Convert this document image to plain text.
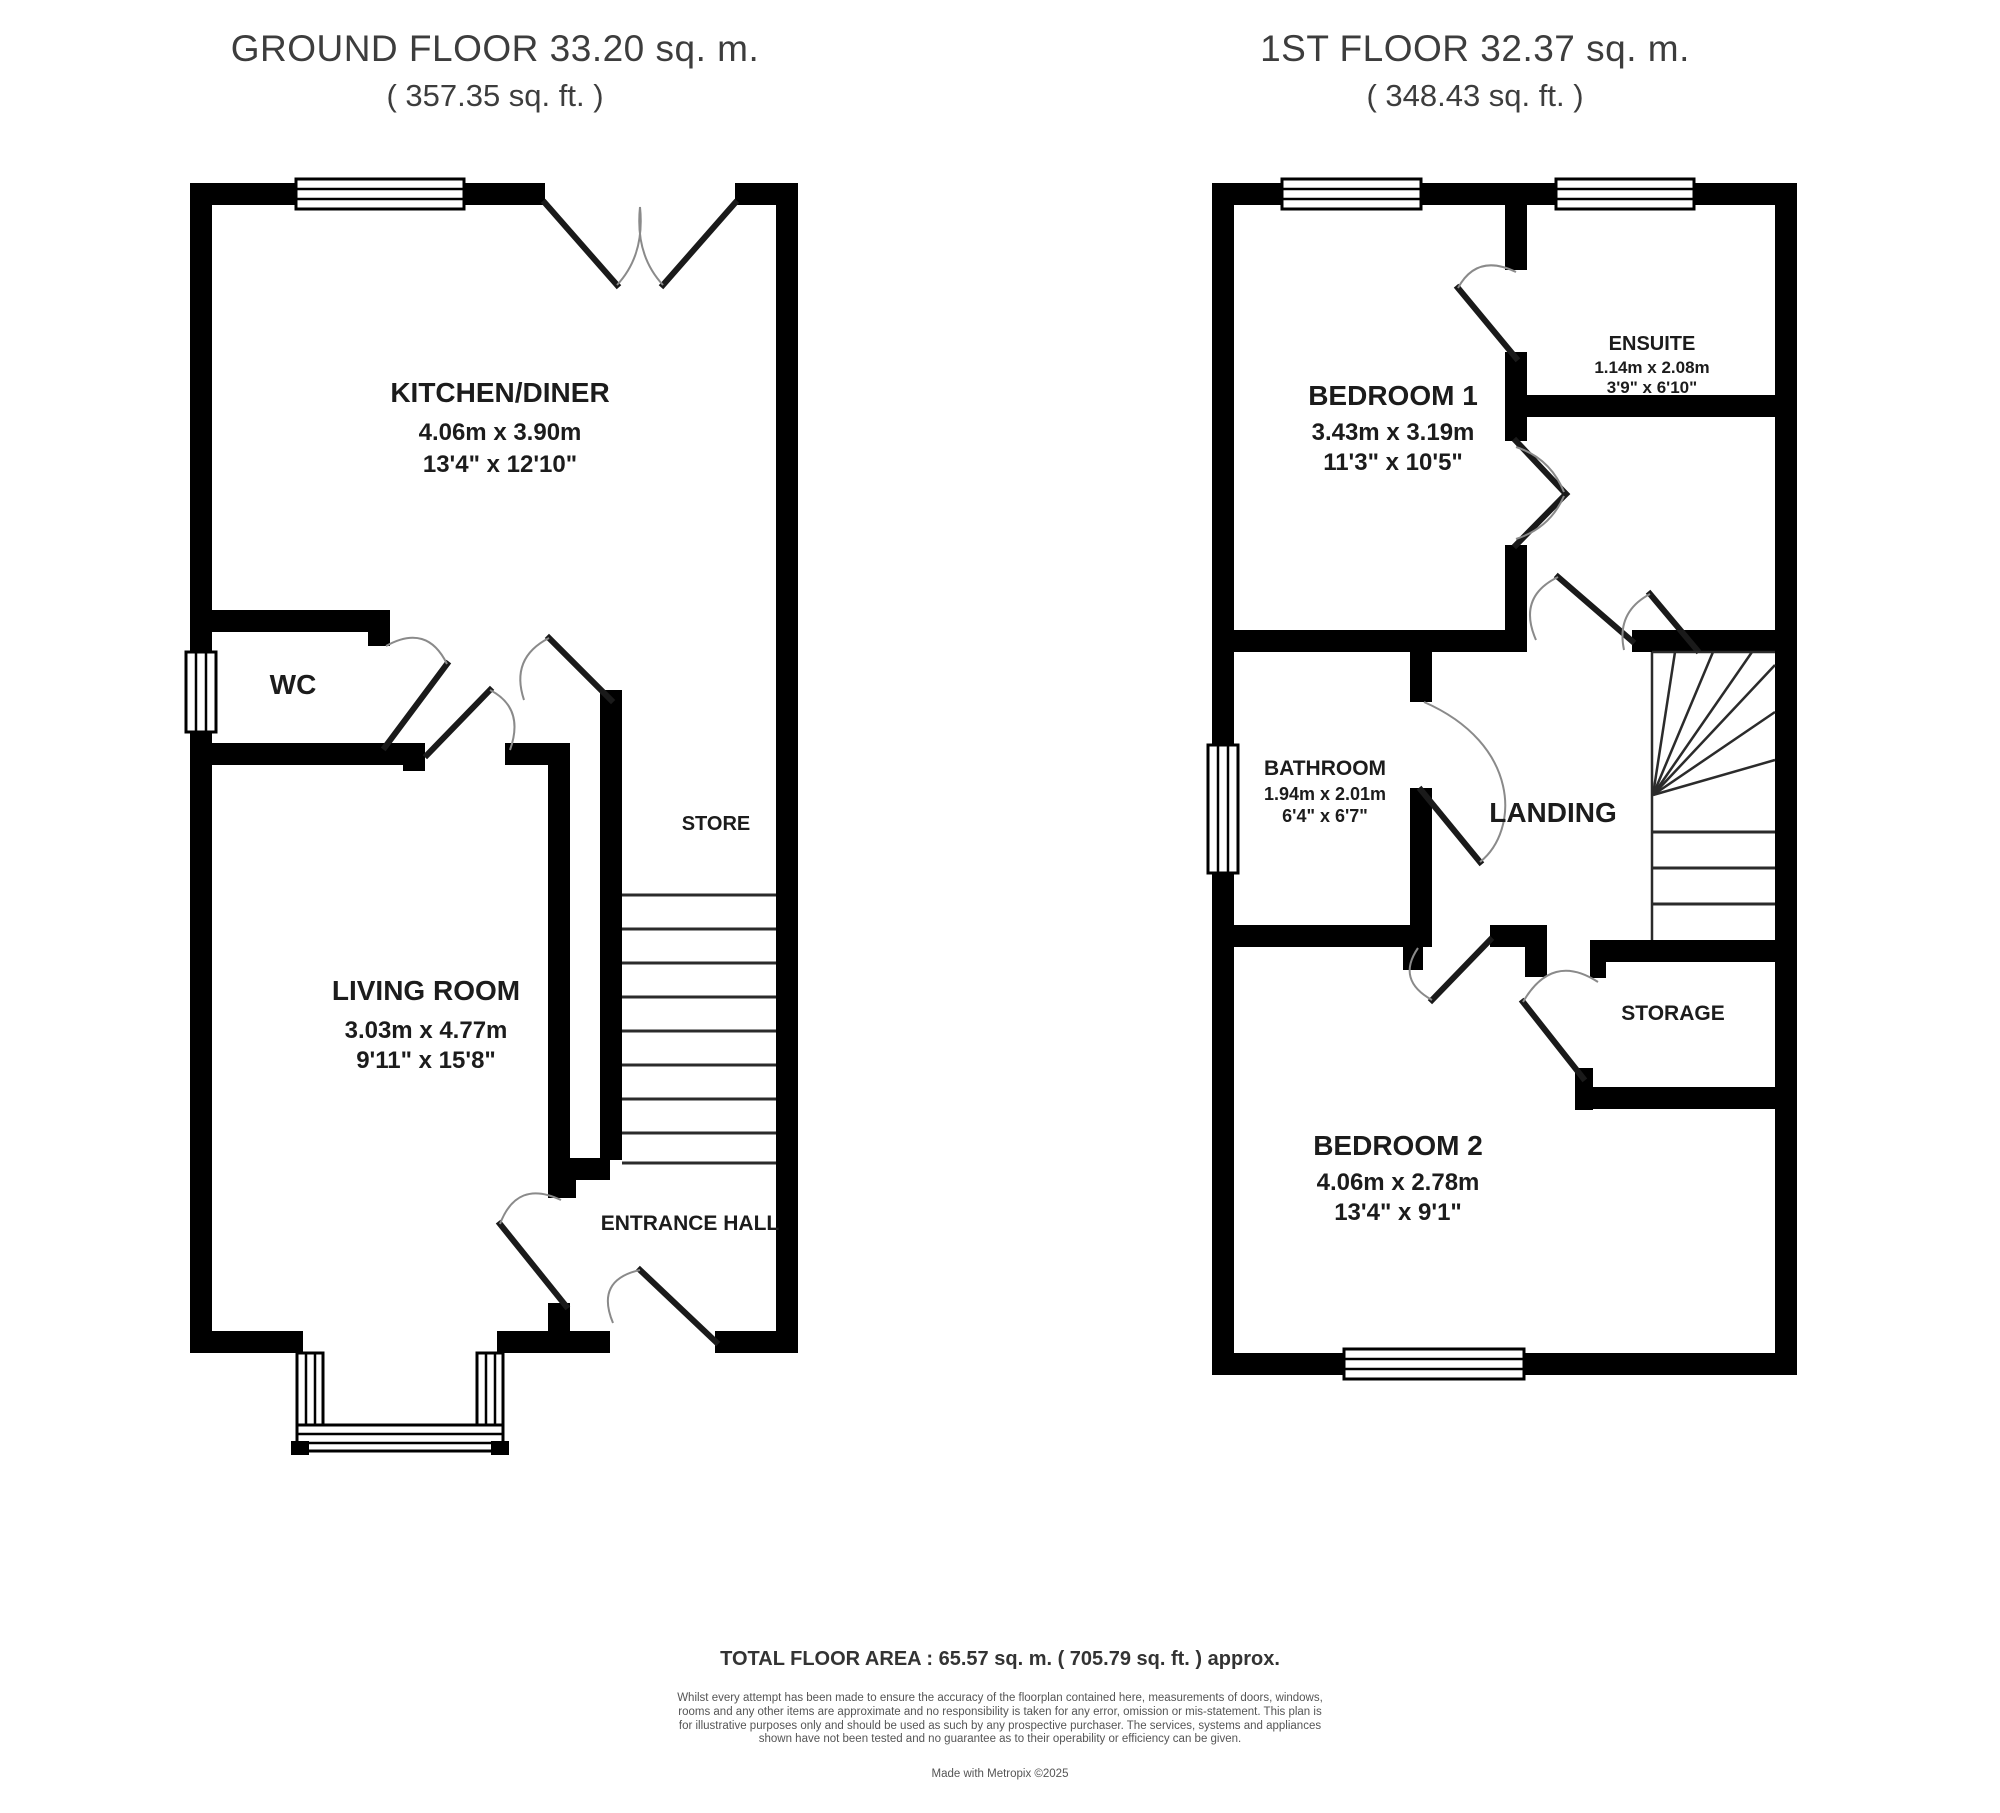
GROUND FLOOR 33.20 sq. m.
( 357.35 sq. ft. )
1ST FLOOR 32.37 sq. m.
( 348.43 sq. ft. )
KITCHEN/DINER
4.06m x 3.90m
13'4" x 12'10"
WC
STORE
LIVING ROOM
3.03m x 4.77m
9'11" x 15'8"
ENTRANCE HALL
BEDROOM 1
3.43m x 3.19m
11'3" x 10'5"
ENSUITE
1.14m x 2.08m
3'9" x 6'10"
BATHROOM
1.94m x 2.01m
6'4" x 6'7"	LANDING
STORAGE
BEDROOM 2
4.06m x 2.78m
13'4" x 9'1"
TOTAL FLOOR AREA : 65.57 sq. m. ( 705.79 sq. ft. ) approx.
Whilst every attempt has been made to ensure the accuracy of the floorplan contained here, measurements of doors, windows, rooms and any other items are approximate and no responsibility is taken for any error, omission or mis-statement. This plan is for illustrative purposes only and should be used as such by any prospective purchaser. The services, systems and appliances shown have not been tested and no guarantee as to their operability or efficiency can be given.
Made with Metropix ©2025
